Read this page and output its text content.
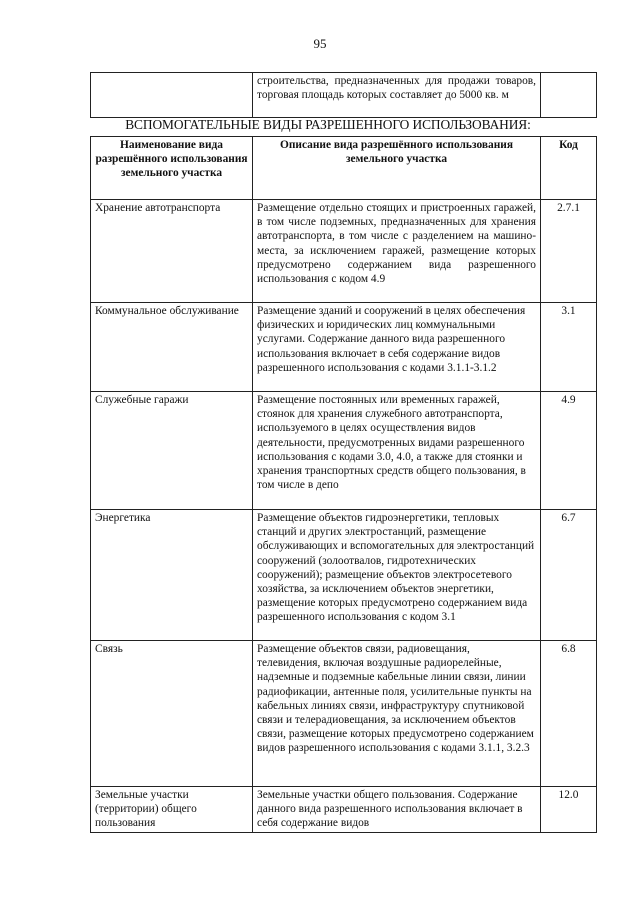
95
	строительства, предназначенных для продажи товаров, торговая площадь которых составляет до 5000 кв. м	
ВСПОМОГАТЕЛЬНЫЕ ВИДЫ РАЗРЕШЕННОГО ИСПОЛЬЗОВАНИЯ:
Наименование вида разрешённого использования земельного участка	Описание вида разрешённого использования земельного участка	Код
Хранение автотранспорта	Размещение отдельно стоящих и пристроенных гаражей, в том числе подземных, предназначенных для хранения автотранспорта, в том числе с разделением на машино-места, за исключением гаражей, размещение которых предусмотрено содержанием вида разрешенного использования с кодом 4.9	2.7.1
Коммунальное обслуживание	Размещение зданий и сооружений в целях обеспечения физических и юридических лиц коммунальными услугами. Содержание данного вида разрешенного использования включает в себя содержание видов разрешенного использования с кодами 3.1.1-3.1.2	3.1
Служебные гаражи	Размещение постоянных или временных гаражей, стоянок для хранения служебного автотранспорта, используемого в целях осуществления видов деятельности, предусмотренных видами разрешенного использования с кодами 3.0, 4.0, а также для стоянки и хранения транспортных средств общего пользования, в том числе в депо	4.9
Энергетика	Размещение объектов гидроэнергетики, тепловых станций и других электростанций, размещение обслуживающих и вспомогательных для электростанций сооружений (золоотвалов, гидротехнических сооружений); размещение объектов электросетевого хозяйства, за исключением объектов энергетики, размещение которых предусмотрено содержанием вида разрешенного использования с кодом 3.1	6.7
Связь	Размещение объектов связи, радиовещания, телевидения, включая воздушные радиорелейные, надземные и подземные кабельные линии связи, линии радиофикации, антенные поля, усилительные пункты на кабельных линиях связи, инфраструктуру спутниковой связи и телерадиовещания, за исключением объектов связи, размещение которых предусмотрено содержанием видов разрешенного использования с кодами 3.1.1, 3.2.3	6.8
Земельные участки (территории) общего пользования	Земельные участки общего пользования. Содержание данного вида разрешенного использования включает в себя содержание видов	12.0
